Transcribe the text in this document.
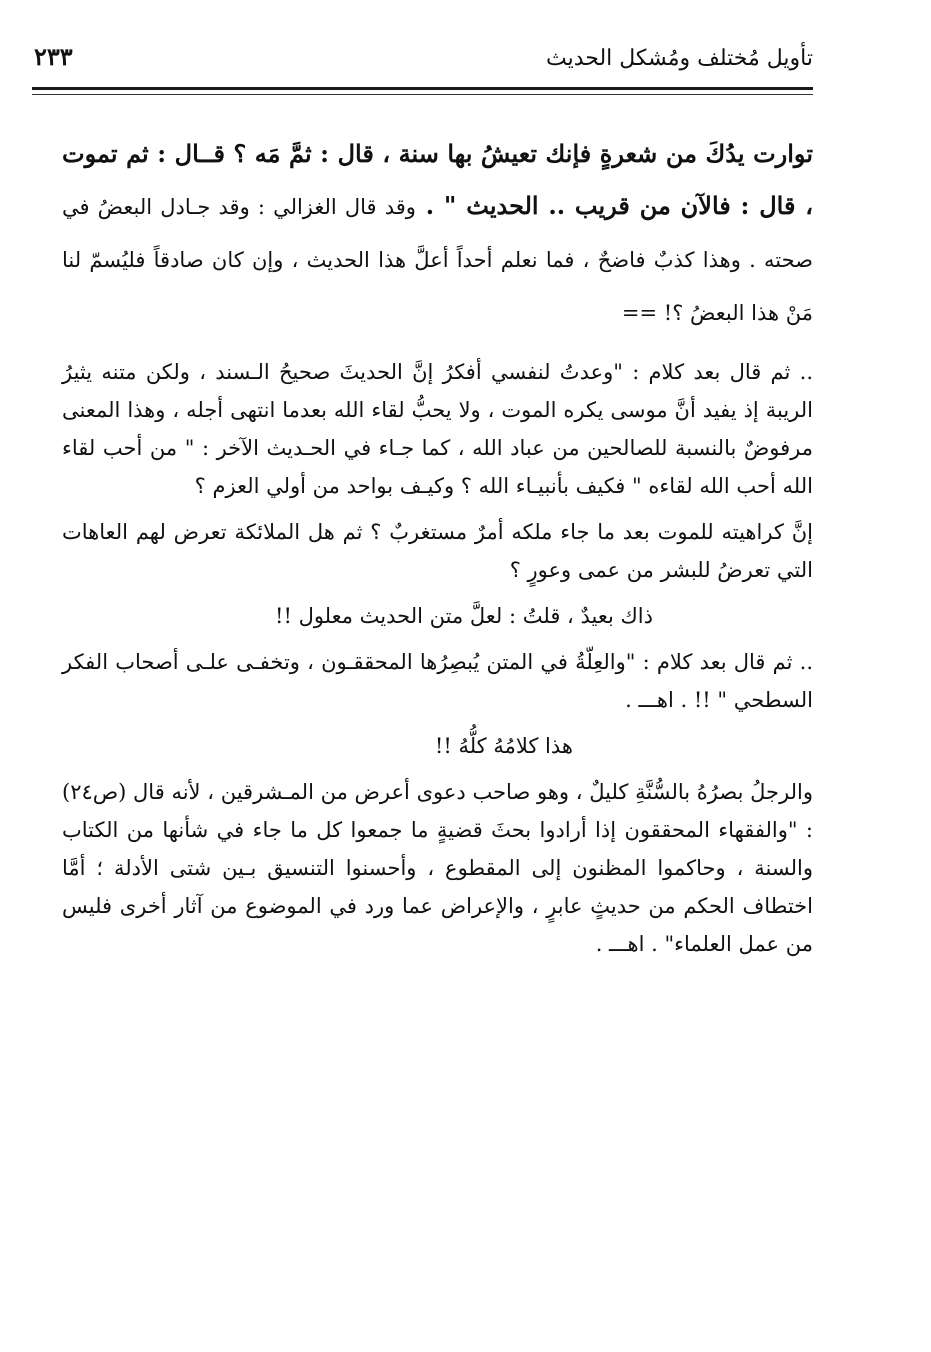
تأويل مُختلف ومُشكل الحديث
٢٣٣

توارت يدُكَ من شعرةٍ فإنك تعيشُ بها سنة ، قال : ثمَّ مَه ؟ قــال : ثم تموت ، قال : فالآن من قريب .. الحديث " . وقد قال الغزالي : وقد جـادل البعضُ في صحته . وهذا كذبٌ فاضحٌ ، فما نعلم أحداً أعلَّ هذا الحديث ، وإن كان صادقاً فليُسمّ لنا مَنْ هذا البعضُ ؟! ==

.. ثم قال بعد كلام : "وعدتُ لنفسي أفكرُ إنَّ الحديثَ صحيحُ الـسند ، ولكن متنه يثيرُ الريبة إذ يفيد أنَّ موسى يكره الموت ، ولا يحبُّ لقاء الله بعدما انتهى أجله ، وهذا المعنى مرفوضٌ بالنسبة للصالحين من عباد الله ، كما جـاء في الحـديث الآخر : " من أحب لقاء الله أحب الله لقاءه " فكيف بأنبيـاء الله ؟ وكيـف بواحد من أولي العزم ؟

إنَّ كراهيته للموت بعد ما جاء ملكه أمرٌ مستغربٌ ؟ ثم هل الملائكة تعرض لهم العاهات التي تعرضُ للبشر من عمى وعورٍ ؟

ذاك بعيدٌ ، قلتُ : لعلَّ متن الحديث معلول !!

.. ثم قال بعد كلام : "والعِلّةُ في المتن يُبصِرُها المحققـون ، وتخفـى علـى أصحاب الفكر السطحي " !! . اهـــ .

هذا كلامُهُ كلُّهُ !!

والرجلُ بصرُهُ بالسُّنَّةِ كليلٌ ، وهو صاحب دعوى أعرض من المـشرقين ، لأنه قال (ص٢٤) : "والفقهاء المحققون إذا أرادوا بحثَ قضيةٍ ما جمعوا كل ما جاء في شأنها من الكتاب والسنة ، وحاكموا المظنون إلى المقطوع ، وأحسنوا التنسيق بـين شتى الأدلة ؛ أمَّا اختطاف الحكم من حديثٍ عابرٍ ، والإعراض عما ورد في الموضوع من آثار أخرى فليس من عمل العلماء" . اهـــ .
